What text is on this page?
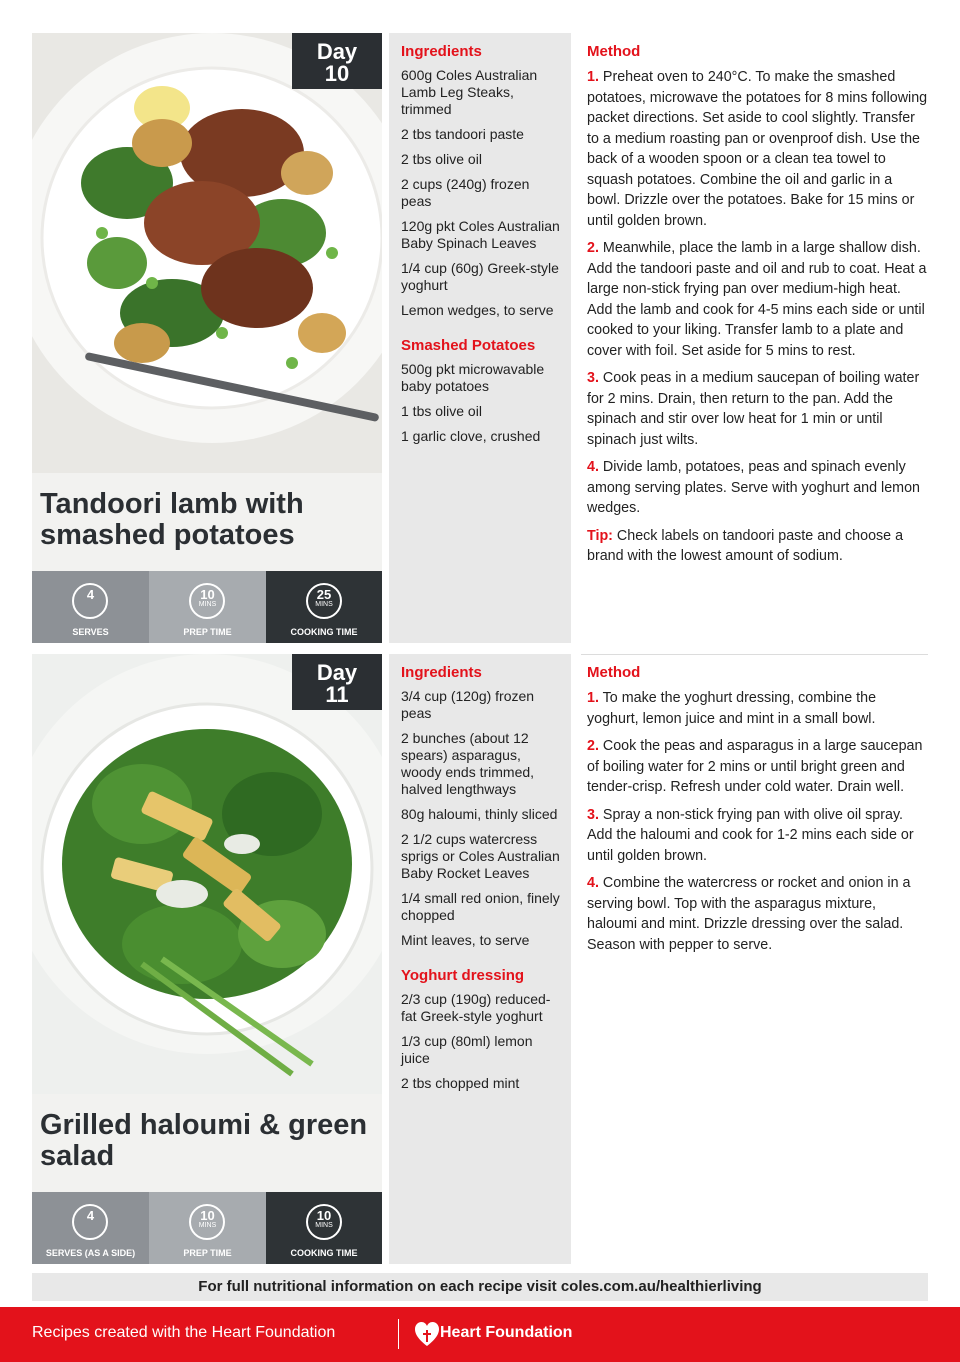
Day
10
Tandoori lamb with smashed potatoes
4
SERVES
10
MINS
PREP TIME
25
MINS
COOKING TIME
Ingredients

600g Coles Australian Lamb Leg Steaks, trimmed

2 tbs tandoori paste

2 tbs olive oil

2 cups (240g) frozen peas

120g pkt Coles Australian Baby Spinach Leaves

1/4 cup (60g) Greek-style yoghurt

Lemon wedges, to serve

Smashed Potatoes

500g pkt microwavable baby potatoes

1 tbs olive oil

1 garlic clove, crushed

Method

1. Preheat oven to 240°C. To make the smashed potatoes, microwave the potatoes for 8 mins following packet directions. Set aside to cool slightly. Transfer to a medium roasting pan or ovenproof dish. Use the back of a wooden spoon or a clean tea towel to squash potatoes. Combine the oil and garlic in a bowl. Drizzle over the potatoes. Bake for 15 mins or until golden brown.

2. Meanwhile, place the lamb in a large shallow dish. Add the tandoori paste and oil and rub to coat. Heat a large non-stick frying pan over medium-high heat. Add the lamb and cook for 4-5 mins each side or until cooked to your liking. Transfer lamb to a plate and cover with foil. Set aside for 5 mins to rest.

3. Cook peas in a medium saucepan of boiling water for 2 mins. Drain, then return to the pan. Add the spinach and stir over low heat for 1 min or until spinach just wilts.

4. Divide lamb, potatoes, peas and spinach evenly among serving plates. Serve with yoghurt and lemon wedges.

Tip: Check labels on tandoori paste and choose a brand with the lowest amount of sodium.

Day
11
Grilled haloumi & green salad
4
SERVES (AS A SIDE)
10
MINS
PREP TIME
10
MINS
COOKING TIME
Ingredients

3/4 cup (120g) frozen peas

2 bunches (about 12 spears) asparagus, woody ends trimmed, halved lengthways

80g haloumi, thinly sliced

2 1/2 cups watercress sprigs or Coles Australian Baby Rocket Leaves

1/4 small red onion, finely chopped

Mint leaves, to serve

Yoghurt dressing

2/3 cup (190g) reduced-fat Greek-style yoghurt

1/3 cup (80ml) lemon juice

2 tbs chopped mint

Method

1. To make the yoghurt dressing, combine the yoghurt, lemon juice and mint in a small bowl.

2. Cook the peas and asparagus in a large saucepan of boiling water for 2 mins or until bright green and tender-crisp. Refresh under cold water. Drain well.

3. Spray a non-stick frying pan with olive oil spray. Add the haloumi and cook for 1-2 mins each side or until golden brown.

4. Combine the watercress or rocket and onion in a serving bowl. Top with the asparagus mixture, haloumi and mint. Drizzle dressing over the salad. Season with pepper to serve.

For full nutritional information on each recipe visit coles.com.au/healthierliving
Recipes created with the Heart Foundation	Heart Foundation
